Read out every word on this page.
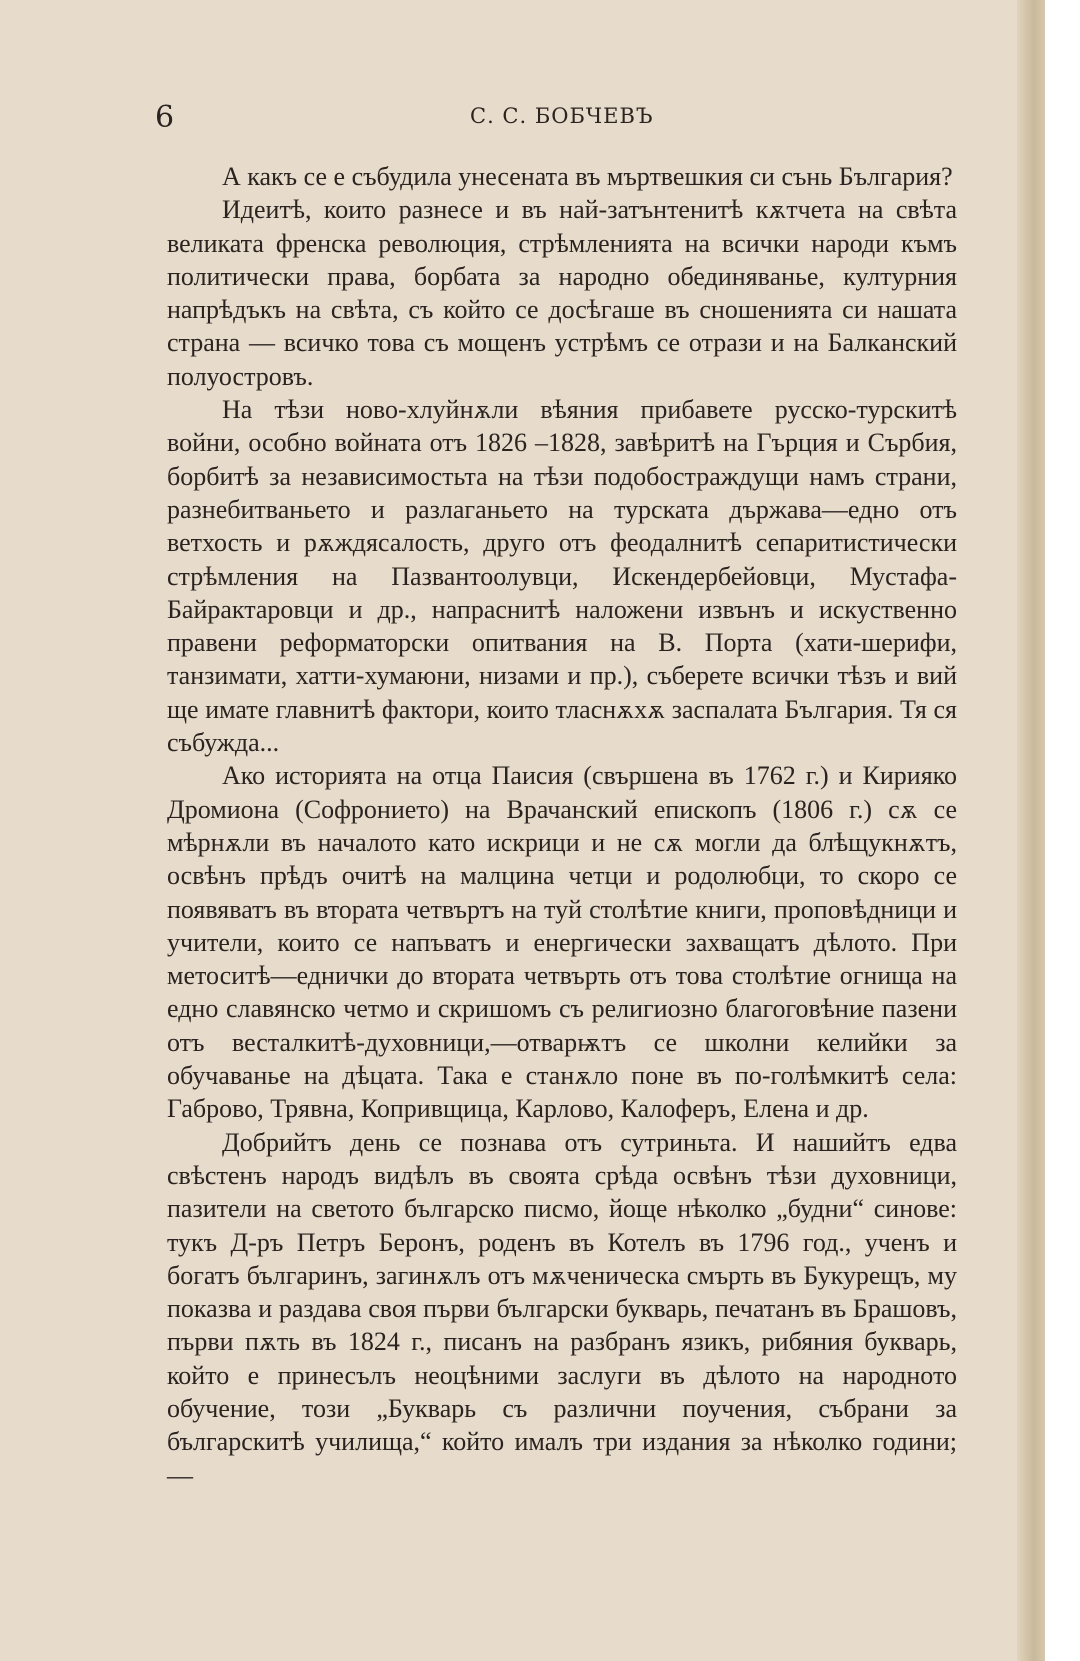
6	С. С. БОБЧЕВЪ

А какъ се е събудила унесената въ мъртвешкия си сънь България?

Идеитѣ, които разнесе и въ най-затънтенитѣ кѫтчета на свѣта великата френска революция, стрѣмленията на всички народи къмъ политически права, борбата за народно обединяванье, културния напрѣдъкъ на свѣта, съ който се досѣгаше въ сношенията си нашата страна — всичко това съ мощенъ устрѣмъ се отрази и на Балканский полуостровъ.

На тѣзи ново-хлуйнѫли вѣяния прибавете русско-турскитѣ войни, особно войната отъ 1826 –1828, завѣритѣ на Гърция и Сърбия, борбитѣ за независимостьта на тѣзи подобостраждущи намъ страни, разнебитваньето и разлаганьето на турската държава—едно отъ ветхость и рѫждясалость, друго отъ феодалнитѣ сепаритистически стрѣмления на Пазвантоолувци, Искендербейовци, Мустафа-Байрактаровци и др., напраснитѣ наложени извънъ и искуственно правени реформаторски опитвания на В. Порта (хати-шерифи, танзимати, хатти-хумаюни, низами и пр.), съберете всички тѣзъ и вий ще имате главнитѣ фактори, които тласнѫхѫ заспалата България. Тя ся събужда...

Ако историята на отца Паисия (свършена въ 1762 г.) и Кирияко Дромиона (Софронието) на Врачанский епископъ (1806 г.) сѫ се мѣрнѫли въ началото като искрици и не сѫ могли да блѣщукнѫтъ, освѣнъ прѣдъ очитѣ на малцина четци и родолюбци, то скоро се появяватъ въ втората четвъртъ на туй столѣтие книги, проповѣдници и учители, които се напъватъ и енергически захващатъ дѣлото. При метоситѣ—еднички до втората четвърть отъ това столѣтие огнища на едно славянско четмо и скришомъ съ религиозно благоговѣние пазени отъ весталкитѣ-духовници,—отварѭтъ се школни келийки за обучаванье на дѣцата. Така е станѫло поне въ по-голѣмкитѣ села: Габрово, Трявна, Копривщица, Карлово, Калоферъ, Елена и др.

Добрийтъ день се познава отъ сутриньта. И нашийтъ едва свѣстенъ народъ видѣлъ въ своята срѣда освѣнъ тѣзи духовници, пазители на светото българско писмо, йоще нѣколко „будни“ синове: тукъ Д-ръ Петръ Беронъ, роденъ въ Котелъ въ 1796 год., ученъ и богатъ българинъ, загинѫлъ отъ мѫченическа смърть въ Букурещъ, му показва и раздава своя първи български букварь, печатанъ въ Брашовъ, първи пѫть въ 1824 г., писанъ на разбранъ язикъ, рибяния букварь, който е принесълъ неоцѣними заслуги въ дѣлото на народното обучение, този „Букварь съ различни поучения, събрани за българскитѣ училища,“ който ималъ три издания за нѣколко години; —
